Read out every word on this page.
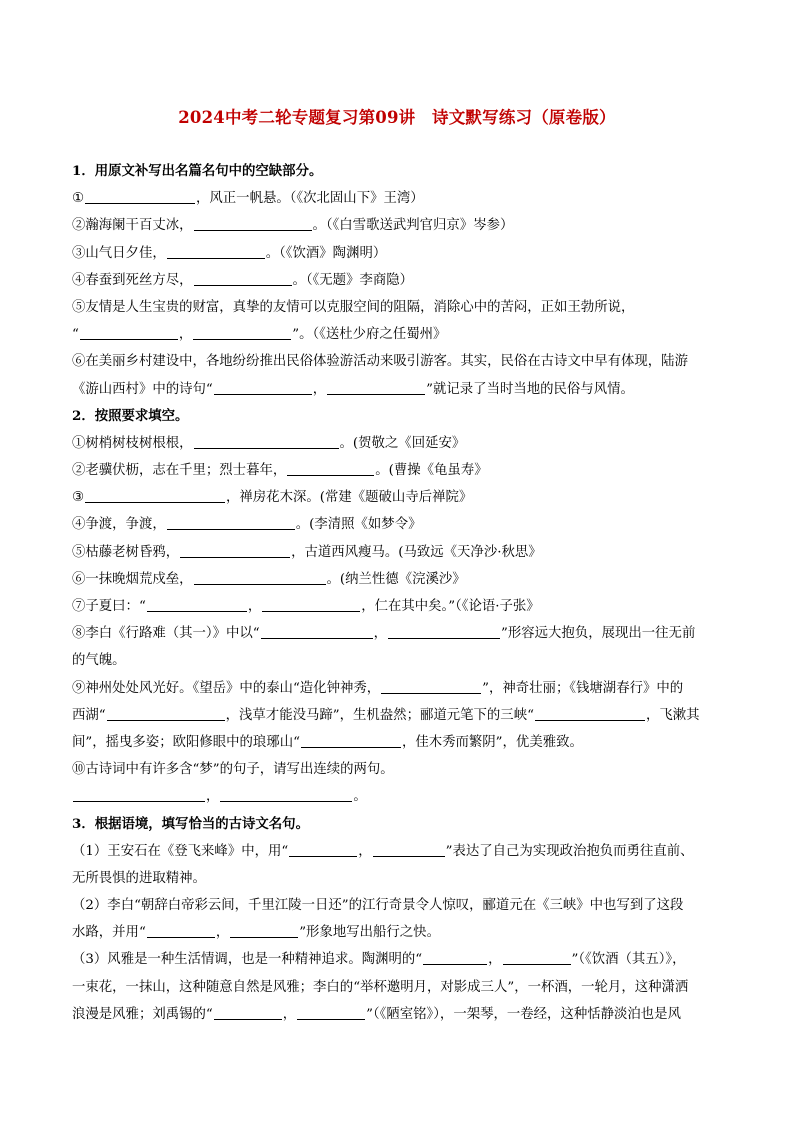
2024中考二轮专题复习第09讲　诗文默写练习（原卷版）
1．用原文补写出名篇名句中的空缺部分。
①	，风正一帆悬。（《次北固山下》王湾）
②瀚海阑干百丈冰，	。（《白雪歌送武判官归京》岑参）
③山气日夕佳，	。（《饮酒》陶渊明）
④春蚕到死丝方尽，	。（《无题》李商隐）
⑤友情是人生宝贵的财富，真挚的友情可以克服空间的阻隔，消除心中的苦闷，正如王勃所说，
“	，	”。（《送杜少府之任蜀州》
⑥在美丽乡村建设中，各地纷纷推出民俗体验游活动来吸引游客。其实，民俗在古诗文中早有体现，陆游
《游山西村》中的诗句“	，	”就记录了当时当地的民俗与风情。
2．按照要求填空。
①树梢树枝树根根，	。(贺敬之《回延安》
②老骥伏枥，志在千里；烈士暮年，	。(曹操《龟虽寿》
③	，禅房花木深。(常建《题破山寺后禅院》
④争渡，争渡，	。(李清照《如梦令》
⑤枯藤老树昏鸦，	，古道西风瘦马。(马致远《天净沙·秋思》
⑥一抹晚烟荒戍垒，	。(纳兰性德《浣溪沙》
⑦子夏曰：“	，	，仁在其中矣。”（《论语·子张》
⑧李白《行路难（其一）》中以“	，	”形容远大抱负，展现出一往无前
的气魄。
⑨神州处处风光好。《望岳》中的泰山“造化钟神秀，	”，神奇壮丽；《钱塘湖春行》中的
西湖“	，浅草才能没马蹄”，生机盎然；郦道元笔下的三峡“	，飞漱其
间”，摇曳多姿；欧阳修眼中的琅琊山“	，佳木秀而繁阴”，优美雅致。
⑩古诗词中有许多含“梦”的句子，请写出连续的两句。
，	。
3．根据语境，填写恰当的古诗文名句。
（1）王安石在《登飞来峰》中，用“	，	”表达了自己为实现政治抱负而勇往直前、
无所畏惧的进取精神。
（2）李白“朝辞白帝彩云间，千里江陵一日还”的江行奇景令人惊叹，郦道元在《三峡》中也写到了这段
水路，并用“	，	”形象地写出船行之快。
（3）风雅是一种生活情调，也是一种精神追求。陶渊明的“	，	”（《饮酒（其五）》，
一束花，一抹山，这种随意自然是风雅；李白的“举杯邀明月，对影成三人”，一杯酒，一轮月，这种潇洒
浪漫是风雅；刘禹锡的“	，	”（《陋室铭》），一架琴，一卷经，这种恬静淡泊也是风
